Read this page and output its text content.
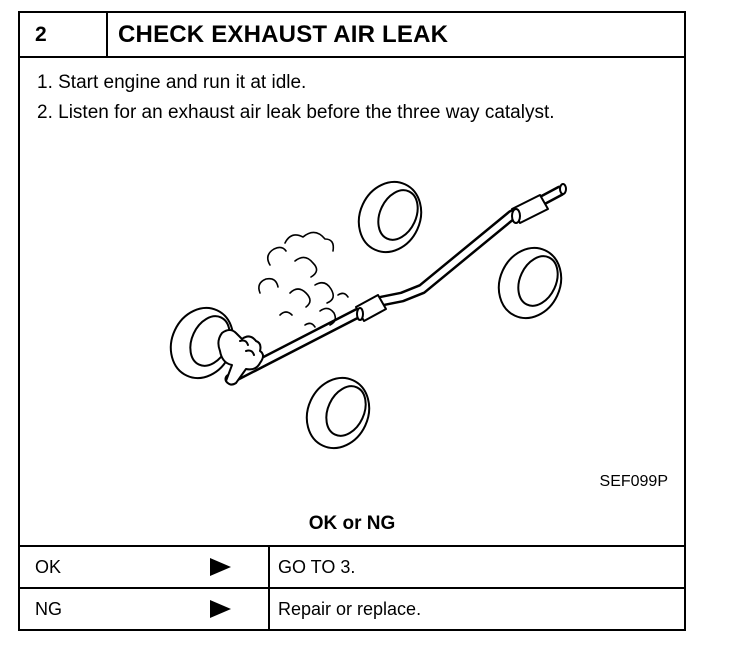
2	CHECK EXHAUST AIR LEAK
1. Start engine and run it at idle.
2. Listen for an exhaust air leak before the three way catalyst.
SEF099P
OK or NG
OK	GO TO 3.
NG	Repair or replace.
